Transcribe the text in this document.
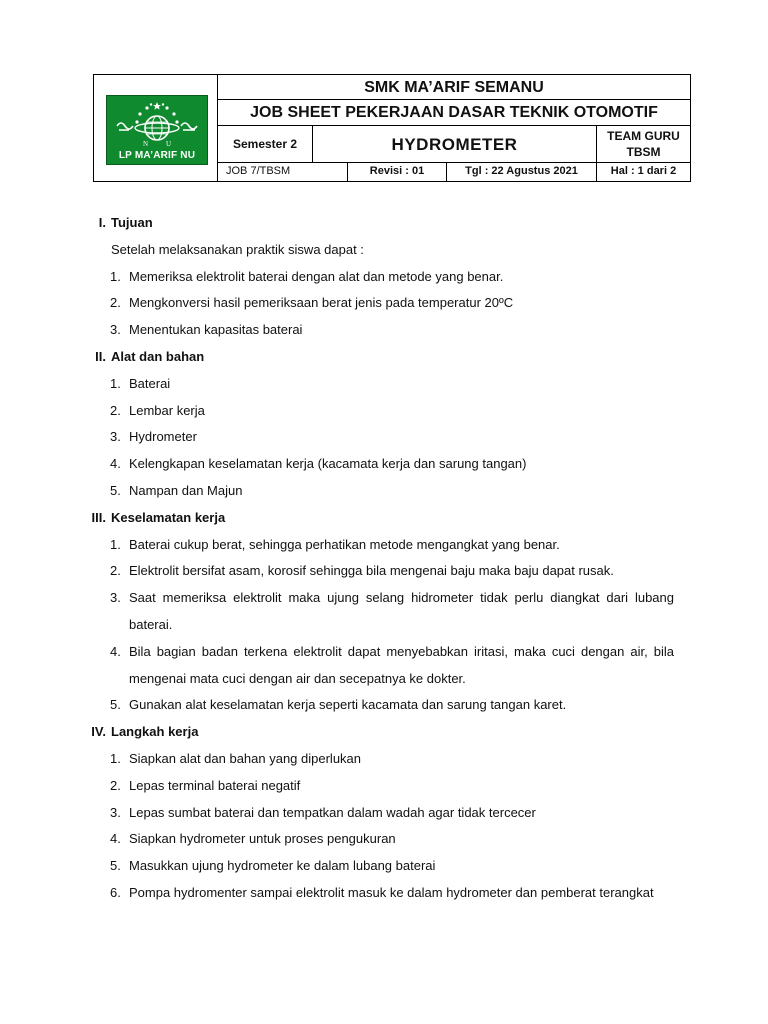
N	U
LP MA’ARIF NU
SMK MA’ARIF SEMANU
JOB SHEET PEKERJAAN DASAR TEKNIK OTOMOTIF
Semester 2	HYDROMETER	TEAM GURU
TBSM
JOB 7/TBSM	Revisi : 01	Tgl : 22 Agustus 2021	Hal : 1 dari 2
I. Tujuan
Setelah melaksanakan praktik siswa dapat :
1. Memeriksa elektrolit baterai dengan alat dan metode yang benar.
2. Mengkonversi hasil pemeriksaan berat jenis pada temperatur 20ºC
3. Menentukan kapasitas baterai
II. Alat dan bahan
1. Baterai
2. Lembar kerja
3. Hydrometer
4. Kelengkapan keselamatan kerja (kacamata kerja dan sarung tangan)
5. Nampan dan Majun
III. Keselamatan kerja
1. Baterai cukup berat, sehingga perhatikan metode mengangkat yang benar.
2. Elektrolit bersifat asam, korosif sehingga bila mengenai baju maka baju dapat rusak.
3. Saat memeriksa elektrolit maka ujung selang hidrometer tidak perlu diangkat dari lubang baterai.
4. Bila bagian badan terkena elektrolit dapat menyebabkan iritasi, maka cuci dengan air, bila mengenai mata cuci dengan air dan secepatnya ke dokter.
5. Gunakan alat keselamatan kerja seperti kacamata dan sarung tangan karet.
IV. Langkah kerja
1. Siapkan alat dan bahan yang diperlukan
2. Lepas terminal baterai negatif
3. Lepas sumbat baterai dan tempatkan dalam wadah agar tidak tercecer
4. Siapkan hydrometer untuk proses pengukuran
5. Masukkan ujung hydrometer ke dalam lubang baterai
6. Pompa hydromenter sampai elektrolit masuk ke dalam hydrometer dan pemberat terangkat
